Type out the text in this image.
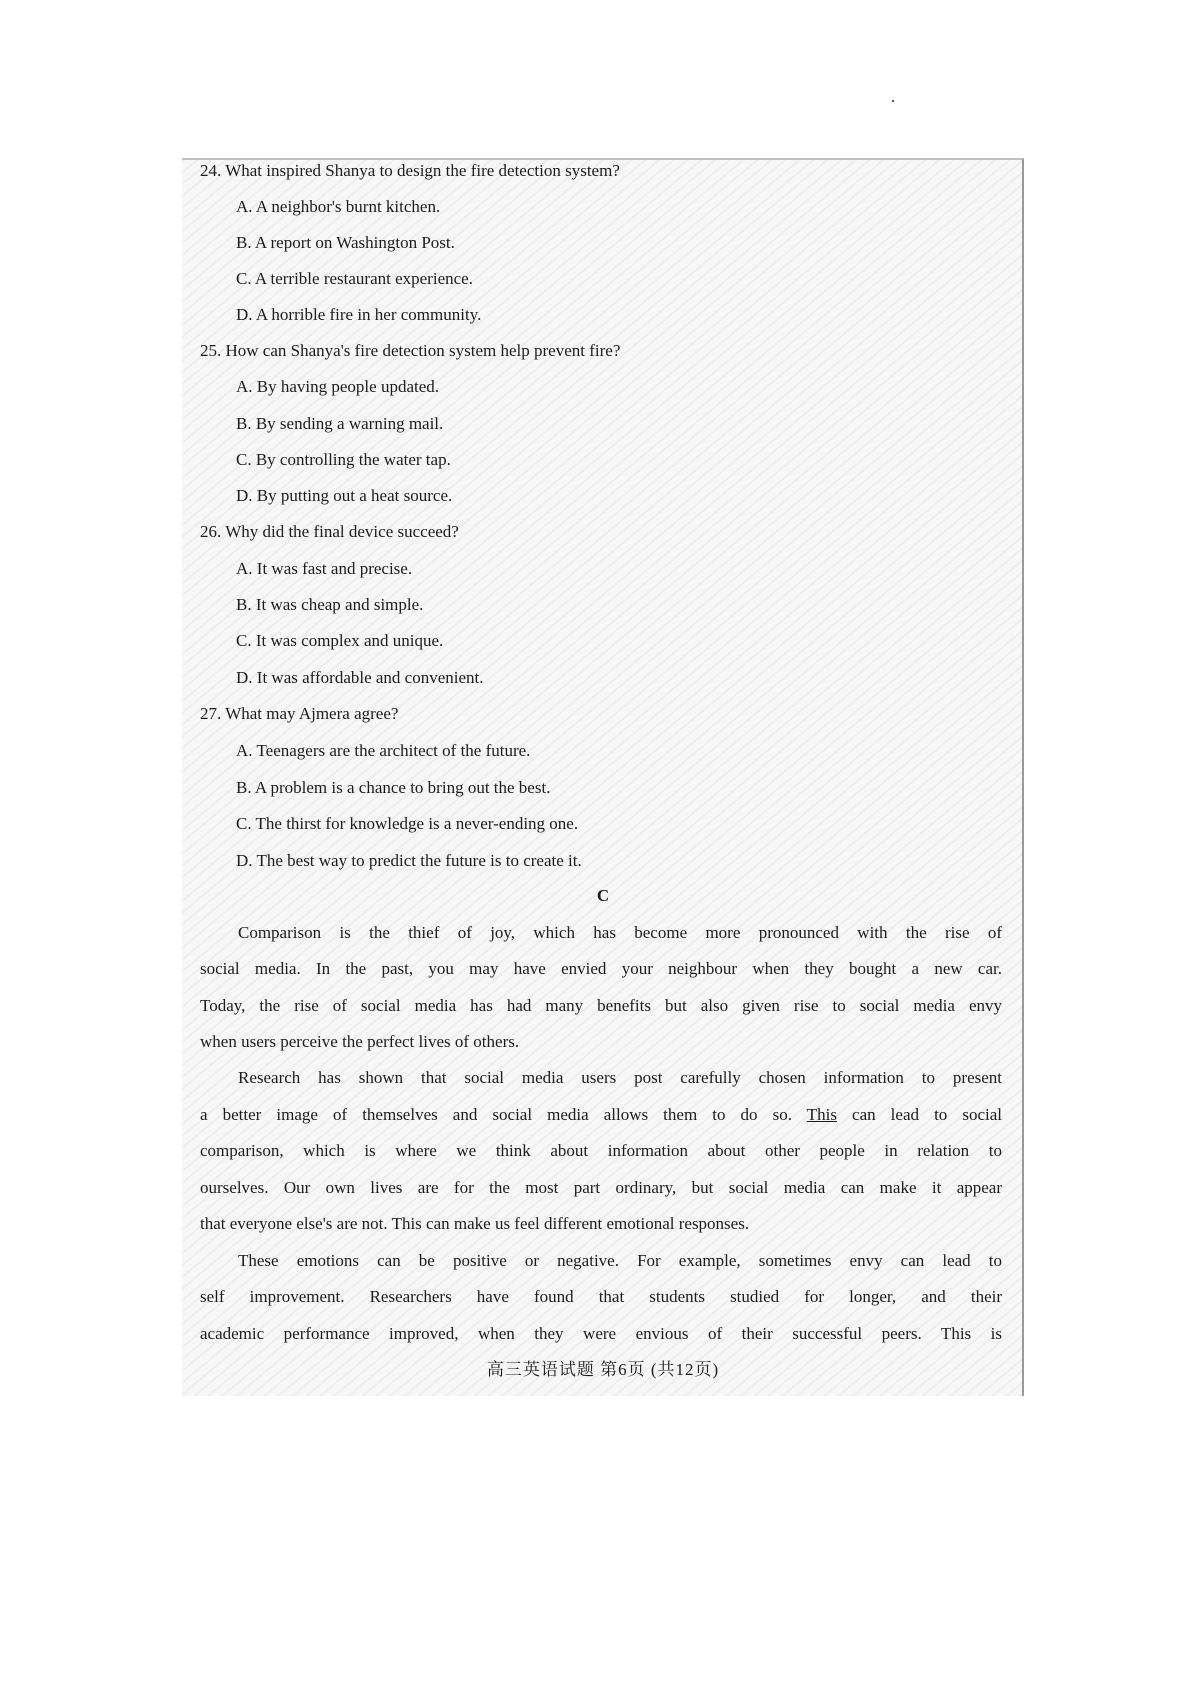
24. What inspired Shanya to design the fire detection system?
A. A neighbor's burnt kitchen.
B. A report on Washington Post.
C. A terrible restaurant experience.
D. A horrible fire in her community.
25. How can Shanya's fire detection system help prevent fire?
A. By having people updated.
B. By sending a warning mail.
C. By controlling the water tap.
D. By putting out a heat source.
26. Why did the final device succeed?
A. It was fast and precise.
B. It was cheap and simple.
C. It was complex and unique.
D. It was affordable and convenient.
27. What may Ajmera agree?
A. Teenagers are the architect of the future.
B. A problem is a chance to bring out the best.
C. The thirst for knowledge is a never-ending one.
D. The best way to predict the future is to create it.
C
Comparison is the thief of joy, which has become more pronounced with the rise of
social media. In the past, you may have envied your neighbour when they bought a new car.
Today, the rise of social media has had many benefits but also given rise to social media envy
when users perceive the perfect lives of others.
Research has shown that social media users post carefully chosen information to present
a better image of themselves and social media allows them to do so. This can lead to social
comparison, which is where we think about information about other people in relation to
ourselves. Our own lives are for the most part ordinary, but social media can make it appear
that everyone else's are not. This can make us feel different emotional responses.
These emotions can be positive or negative. For example, sometimes envy can lead to
self improvement. Researchers have found that students studied for longer, and their
academic performance improved, when they were envious of their successful peers. This is
高三英语试题 第6页 (共12页)
